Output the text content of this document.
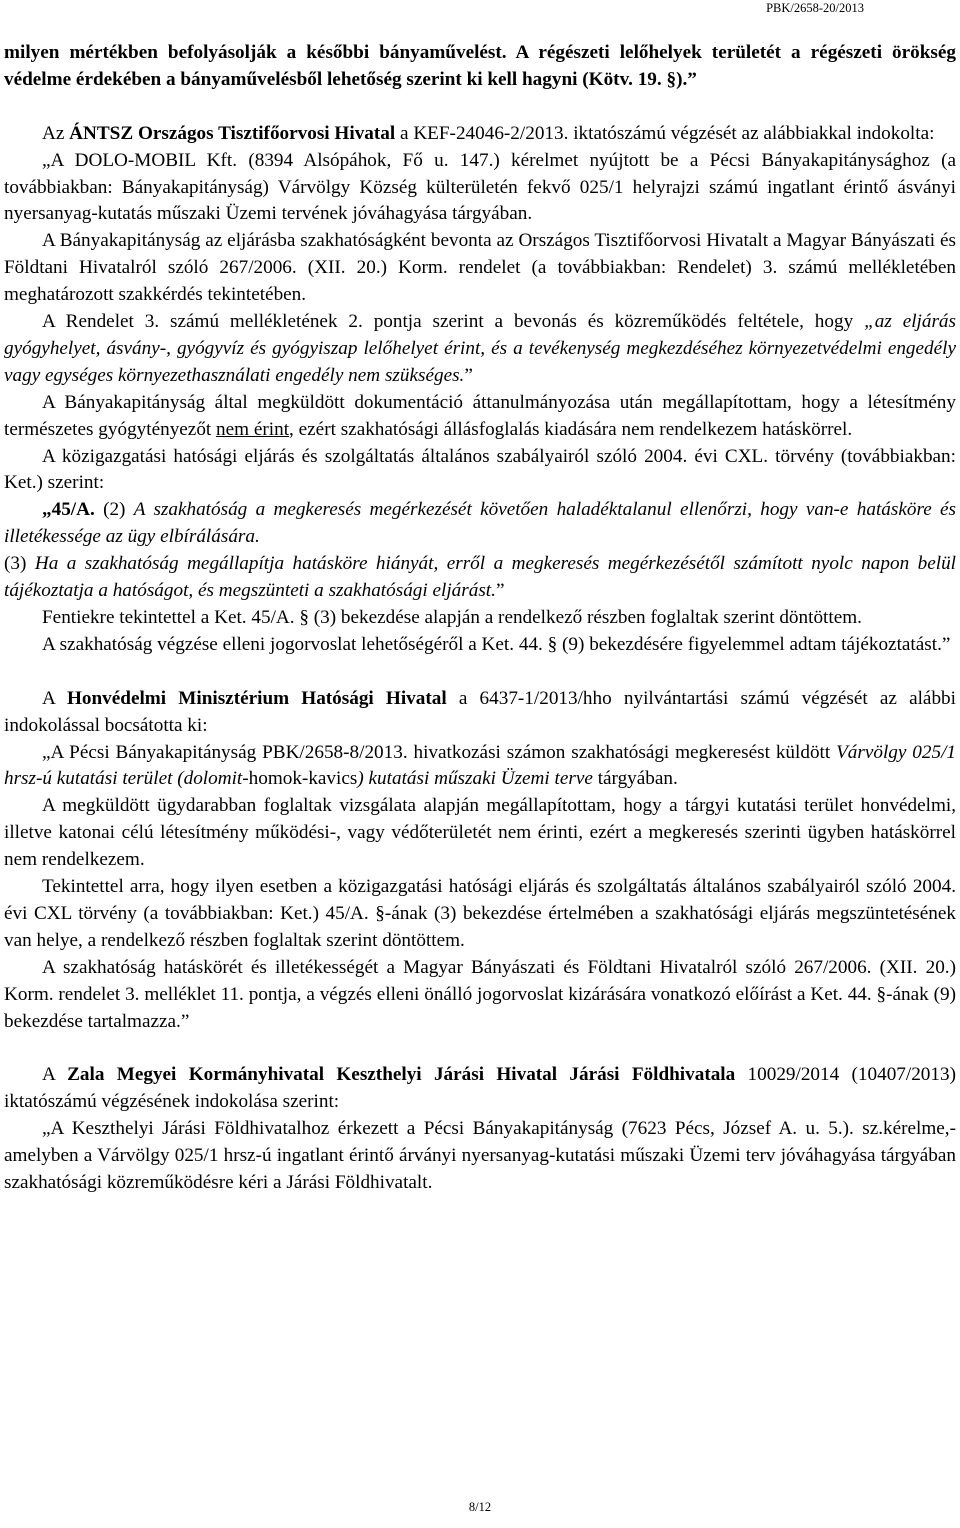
PBK/2658-20/2013

milyen mértékben befolyásolják a későbbi bányaművelést. A régészeti lelőhelyek területét a régészeti örökség védelme érdekében a bányaművelésből lehetőség szerint ki kell hagyni (Kötv. 19. §).”

Az ÁNTSZ Országos Tisztifőorvosi Hivatal a KEF-24046-2/2013. iktatószámú végzését az alábbiakkal indokolta:

„A DOLO-MOBIL Kft. (8394 Alsópáhok, Fő u. 147.) kérelmet nyújtott be a Pécsi Bányakapitánysághoz (a továbbiakban: Bányakapitányság) Várvölgy Község külterületén fekvő 025/1 helyrajzi számú ingatlant érintő ásványi nyersanyag-kutatás műszaki Üzemi tervének jóváhagyása tárgyában.

A Bányakapitányság az eljárásba szakhatóságként bevonta az Országos Tisztifőorvosi Hivatalt a Magyar Bányászati és Földtani Hivatalról szóló 267/2006. (XII. 20.) Korm. rendelet (a továbbiakban: Rendelet) 3. számú mellékletében meghatározott szakkérdés tekintetében.

A Rendelet 3. számú mellékletének 2. pontja szerint a bevonás és közreműködés feltétele, hogy „az eljárás gyógyhelyet, ásvány-, gyógyvíz és gyógyiszap lelőhelyet érint, és a tevékenység megkezdéséhez környezetvédelmi engedély vagy egységes környezethasználati engedély nem szükséges.”

A Bányakapitányság által megküldött dokumentáció áttanulmányozása után megállapítottam, hogy a létesítmény természetes gyógytényezőt nem érint, ezért szakhatósági állásfoglalás kiadására nem rendelkezem hatáskörrel.

A közigazgatási hatósági eljárás és szolgáltatás általános szabályairól szóló 2004. évi CXL. törvény (továbbiakban: Ket.) szerint:

„45/A. (2) A szakhatóság a megkeresés megérkezését követően haladéktalanul ellenőrzi, hogy van-e hatásköre és illetékessége az ügy elbírálására.

(3) Ha a szakhatóság megállapítja hatásköre hiányát, erről a megkeresés megérkezésétől számított nyolc napon belül tájékoztatja a hatóságot, és megszünteti a szakhatósági eljárást.”

Fentiekre tekintettel a Ket. 45/A. § (3) bekezdése alapján a rendelkező részben foglaltak szerint döntöttem.

A szakhatóság végzése elleni jogorvoslat lehetőségéről a Ket. 44. § (9) bekezdésére figyelemmel adtam tájékoztatást.”

A Honvédelmi Minisztérium Hatósági Hivatal a 6437-1/2013/hho nyilvántartási számú végzését az alábbi indokolással bocsátotta ki:

„A Pécsi Bányakapitányság PBK/2658-8/2013. hivatkozási számon szakhatósági megkeresést küldött Várvölgy 025/1 hrsz-ú kutatási terület (dolomit-homok-kavics) kutatási műszaki Üzemi terve tárgyában.

A megküldött ügydarabban foglaltak vizsgálata alapján megállapítottam, hogy a tárgyi kutatási terület honvédelmi, illetve katonai célú létesítmény működési-, vagy védőterületét nem érinti, ezért a megkeresés szerinti ügyben hatáskörrel nem rendelkezem.

Tekintettel arra, hogy ilyen esetben a közigazgatási hatósági eljárás és szolgáltatás általános szabályairól szóló 2004. évi CXL törvény (a továbbiakban: Ket.) 45/A. §-ának (3) bekezdése értelmében a szakhatósági eljárás megszüntetésének van helye, a rendelkező részben foglaltak szerint döntöttem.

A szakhatóság hatáskörét és illetékességét a Magyar Bányászati és Földtani Hivatalról szóló 267/2006. (XII. 20.) Korm. rendelet 3. melléklet 11. pontja, a végzés elleni önálló jogorvoslat kizárására vonatkozó előírást a Ket. 44. §-ának (9) bekezdése tartalmazza.”

A Zala Megyei Kormányhivatal Keszthelyi Járási Hivatal Járási Földhivatala 10029/2014 (10407/2013) iktatószámú végzésének indokolása szerint:

„A Keszthelyi Járási Földhivatalhoz érkezett a Pécsi Bányakapitányság (7623 Pécs, József A. u. 5.). sz.kérelme,- amelyben a Várvölgy 025/1 hrsz-ú ingatlant érintő árványi nyersanyag-kutatási műszaki Üzemi terv jóváhagyása tárgyában szakhatósági közreműködésre kéri a Járási Földhivatalt.

8/12
